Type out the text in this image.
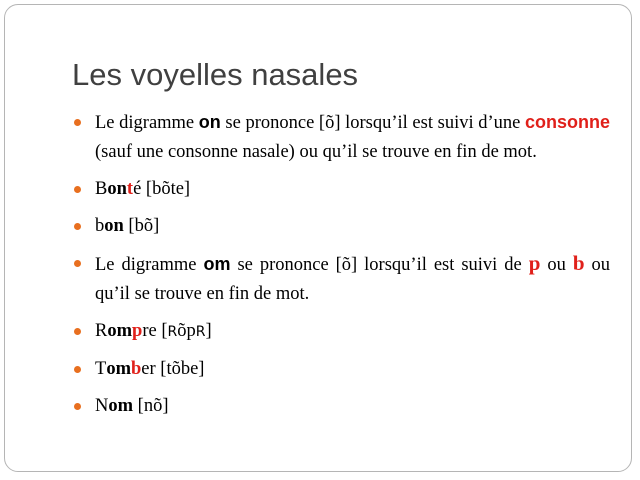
Les voyelles nasales
Le digramme on se prononce [õ] lorsqu’il est suivi d’une consonne (sauf une consonne nasale) ou qu’il se trouve en fin de mot.
Bonté [bõte]
bon [bõ]
Le digramme om se prononce [õ] lorsqu’il est suivi de p ou b ou qu’il se trouve en fin de mot.
Rompre [RõpR]
Tomber [tõbe]
Nom [nõ]
